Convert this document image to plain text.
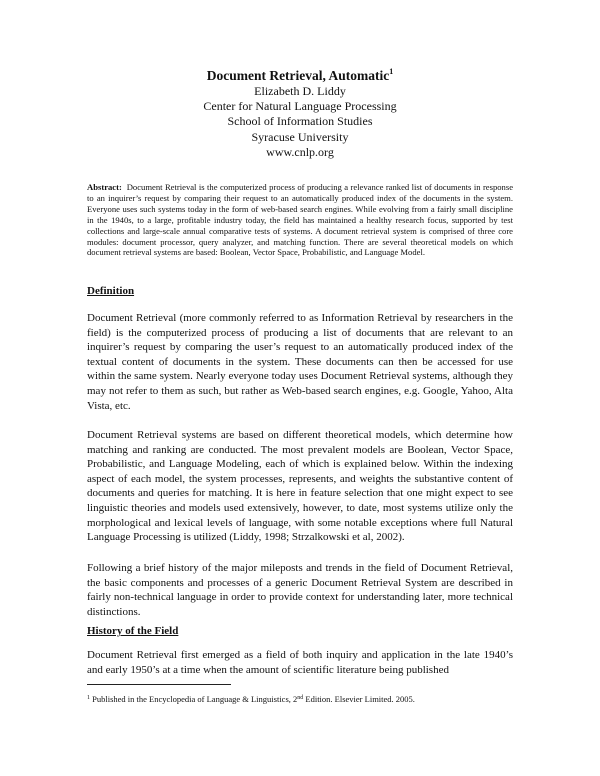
Document Retrieval, Automatic$^1$
Elizabeth D. Liddy
Center for Natural Language Processing
School of Information Studies
Syracuse University
www.cnlp.org
Abstract: Document Retrieval is the computerized process of producing a relevance ranked list of documents in response to an inquirer’s request by comparing their request to an automatically produced index of the documents in the system. Everyone uses such systems today in the form of web-based search engines. While evolving from a fairly small discipline in the 1940s, to a large, profitable industry today, the field has maintained a healthy research focus, supported by test collections and large-scale annual comparative tests of systems. A document retrieval system is comprised of three core modules: document processor, query analyzer, and matching function. There are several theoretical models on which document retrieval systems are based: Boolean, Vector Space, Probabilistic, and Language Model.
Definition
Document Retrieval (more commonly referred to as Information Retrieval by researchers in the field) is the computerized process of producing a list of documents that are relevant to an inquirer’s request by comparing the user’s request to an automatically produced index of the textual content of documents in the system. These documents can then be accessed for use within the same system. Nearly everyone today uses Document Retrieval systems, although they may not refer to them as such, but rather as Web-based search engines, e.g. Google, Yahoo, Alta Vista, etc.
Document Retrieval systems are based on different theoretical models, which determine how matching and ranking are conducted. The most prevalent models are Boolean, Vector Space, Probabilistic, and Language Modeling, each of which is explained below. Within the indexing aspect of each model, the system processes, represents, and weights the substantive content of documents and queries for matching. It is here in feature selection that one might expect to see linguistic theories and models used extensively, however, to date, most systems utilize only the morphological and lexical levels of language, with some notable exceptions where full Natural Language Processing is utilized (Liddy, 1998; Strzalkowski et al, 2002).
Following a brief history of the major mileposts and trends in the field of Document Retrieval, the basic components and processes of a generic Document Retrieval System are described in fairly non-technical language in order to provide context for understanding later, more technical distinctions.
History of the Field
Document Retrieval first emerged as a field of both inquiry and application in the late 1940’s and early 1950’s at a time when the amount of scientific literature being published
$^1$ Published in the Encyclopedia of Language & Linguistics, 2nd Edition. Elsevier Limited. 2005.
